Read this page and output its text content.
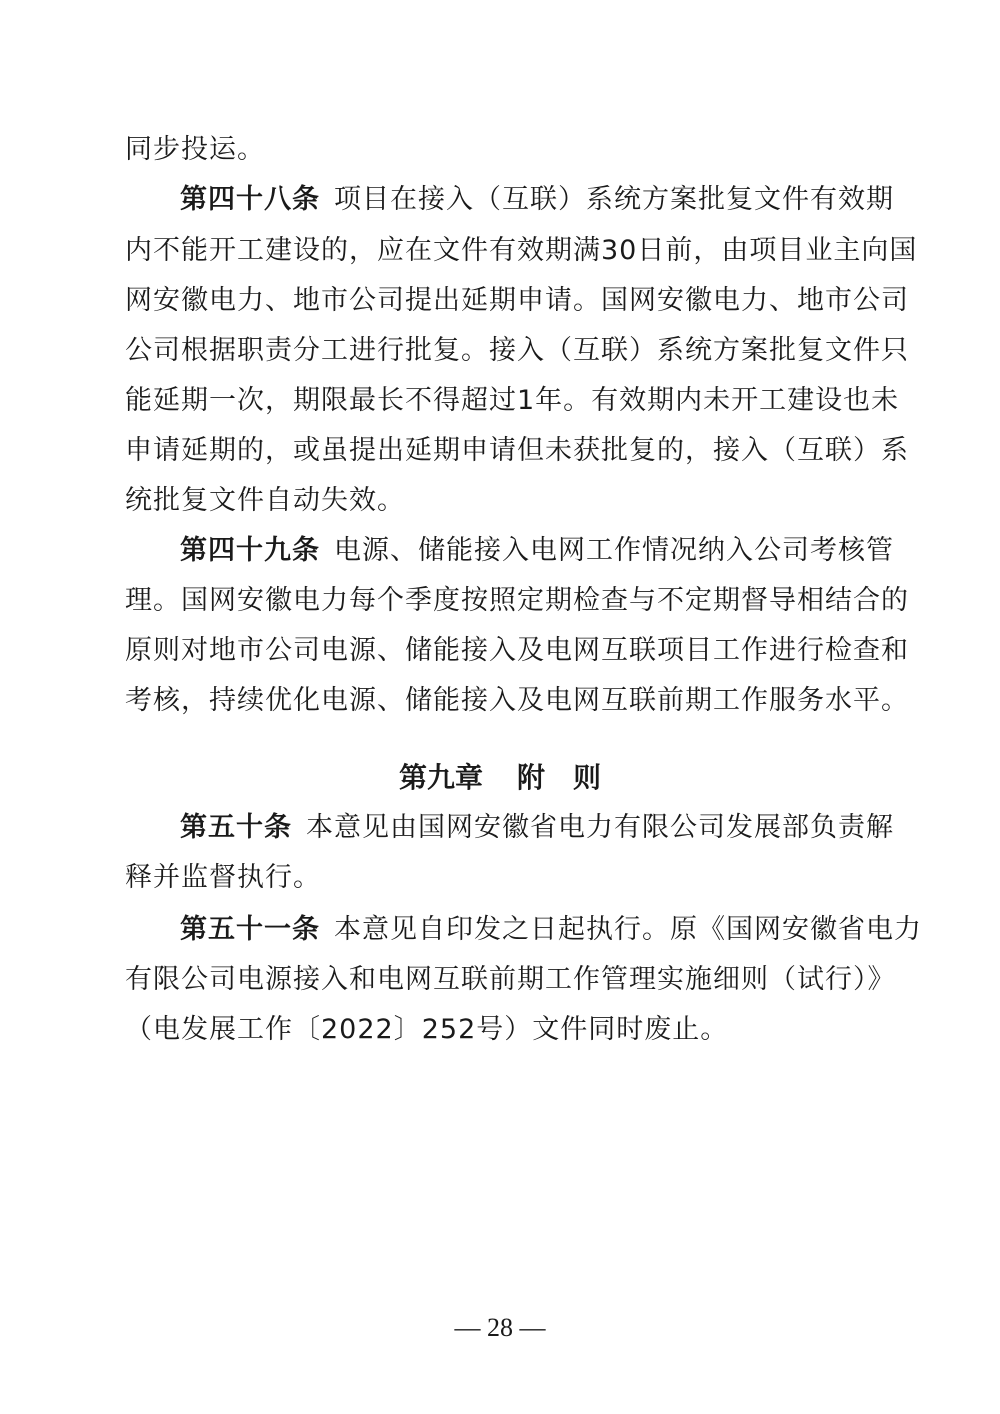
同步投运。
第四十八条 项目在接入（互联）系统方案批复文件有效期
内不能开工建设的，应在文件有效期满30日前，由项目业主向国
网安徽电力、地市公司提出延期申请。国网安徽电力、地市公司
公司根据职责分工进行批复。接入（互联）系统方案批复文件只
能延期一次，期限最长不得超过1年。有效期内未开工建设也未
申请延期的，或虽提出延期申请但未获批复的，接入（互联）系
统批复文件自动失效。
第四十九条 电源、储能接入电网工作情况纳入公司考核管
理。国网安徽电力每个季度按照定期检查与不定期督导相结合的
原则对地市公司电源、储能接入及电网互联项目工作进行检查和
考核，持续优化电源、储能接入及电网互联前期工作服务水平。
第九章 附　则
第五十条 本意见由国网安徽省电力有限公司发展部负责解
释并监督执行。
第五十一条 本意见自印发之日起执行。原《国网安徽省电力
有限公司电源接入和电网互联前期工作管理实施细则（试行）》
（电发展工作〔2022〕252号）文件同时废止。
— 28 —
